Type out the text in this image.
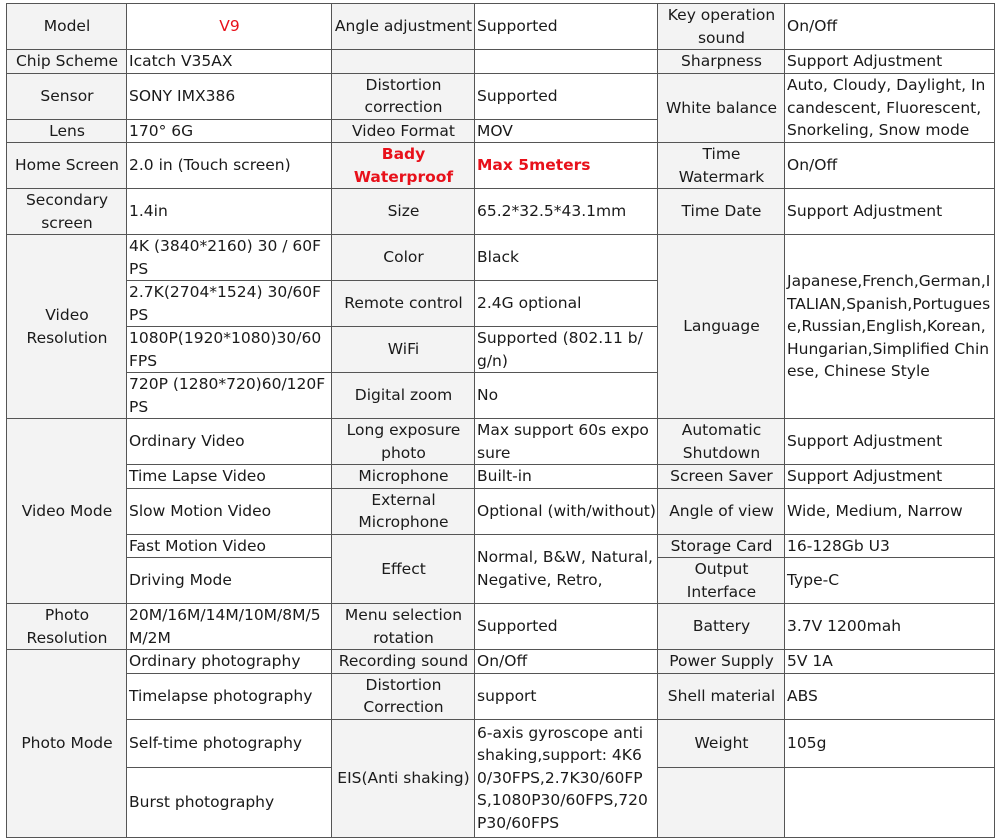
Model	V9	Angle adjustment	Supported	Key operation sound	On/Off
Chip Scheme	Icatch V35AX			Sharpness	Support Adjustment
Sensor	SONY IMX386	Distortion correction	Supported	White balance	Auto, Cloudy, Daylight, Incandescent, Fluorescent, Snorkeling, Snow mode
Lens	170° 6G	Video Format	MOV		
Home Screen	2.0 in (Touch screen)	Bady Waterproof	Max 5meters	Time Watermark	On/Off
Secondary screen	1.4in	Size	65.2*32.5*43.1mm	Time Date	Support Adjustment
Video Resolution	4K (3840*2160) 30 / 60FPS	Color	Black	Language	Japanese,French,German,ITALIAN,Spanish,Portuguese,Russian,English,Korean,Hungarian,Simplified Chinese, Chinese Style
	2.7K(2704*1524) 30/60FPS	Remote control	2.4G optional		
	1080P(1920*1080)30/60FPS	WiFi	Supported (802.11 b/g/n)		
	720P (1280*720)60/120FPS	Digital zoom	No		
Video Mode	Ordinary Video	Long exposure photo	Max support 60s exposure	Automatic Shutdown	Support Adjustment
	Time Lapse Video	Microphone	Built-in	Screen Saver	Support Adjustment
	Slow Motion Video	External Microphone	Optional (with/without)	Angle of view	Wide, Medium, Narrow
	Fast Motion Video	Effect	Normal, B&W, Natural, Negative, Retro,	Storage Card	16-128Gb U3
	Driving Mode			Output Interface	Type-C
Photo Resolution	20M/16M/14M/10M/8M/5M/2M	Menu selection rotation	Supported	Battery	3.7V 1200mah
Photo Mode	Ordinary photography	Recording sound	On/Off	Power Supply	5V 1A
	Timelapse photography	Distortion Correction	support	Shell material	ABS
	Self-time photography	EIS(Anti shaking)	6-axis gyroscope anti shaking,support: 4K60/30FPS,2.7K30/60FPS,1080P30/60FPS,720P30/60FPS	Weight	105g
	Burst photography				
